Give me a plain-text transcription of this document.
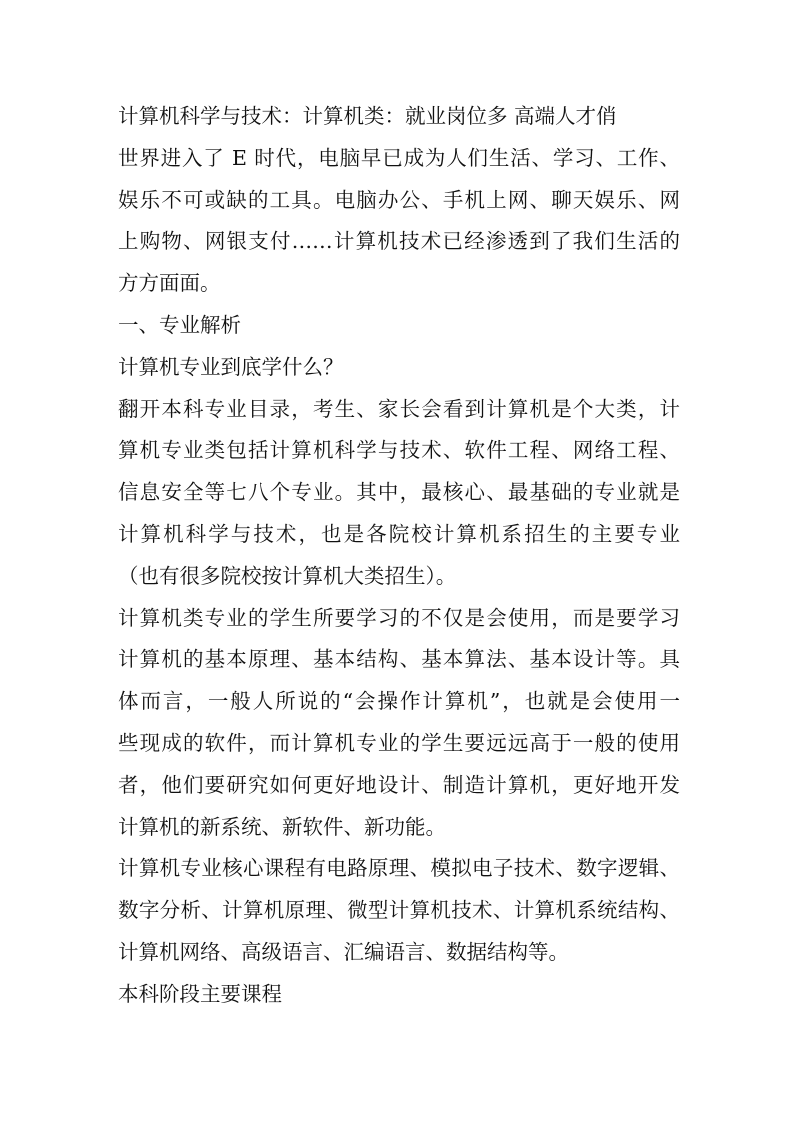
计算机科学与技术：计算机类：就业岗位多 高端人才俏
世界进入了 E 时代，电脑早已成为人们生活、学习、工作、
娱乐不可或缺的工具。电脑办公、手机上网、聊天娱乐、网
上购物、网银支付……计算机技术已经渗透到了我们生活的
方方面面。
一、专业解析
计算机专业到底学什么？
翻开本科专业目录，考生、家长会看到计算机是个大类，计
算机专业类包括计算机科学与技术、软件工程、网络工程、
信息安全等七八个专业。其中，最核心、最基础的专业就是
计算机科学与技术，也是各院校计算机系招生的主要专业
（也有很多院校按计算机大类招生）。
计算机类专业的学生所要学习的不仅是会使用，而是要学习
计算机的基本原理、基本结构、基本算法、基本设计等。具
体而言，一般人所说的“会操作计算机”，也就是会使用一
些现成的软件，而计算机专业的学生要远远高于一般的使用
者，他们要研究如何更好地设计、制造计算机，更好地开发
计算机的新系统、新软件、新功能。
计算机专业核心课程有电路原理、模拟电子技术、数字逻辑、
数字分析、计算机原理、微型计算机技术、计算机系统结构、
计算机网络、高级语言、汇编语言、数据结构等。
本科阶段主要课程
